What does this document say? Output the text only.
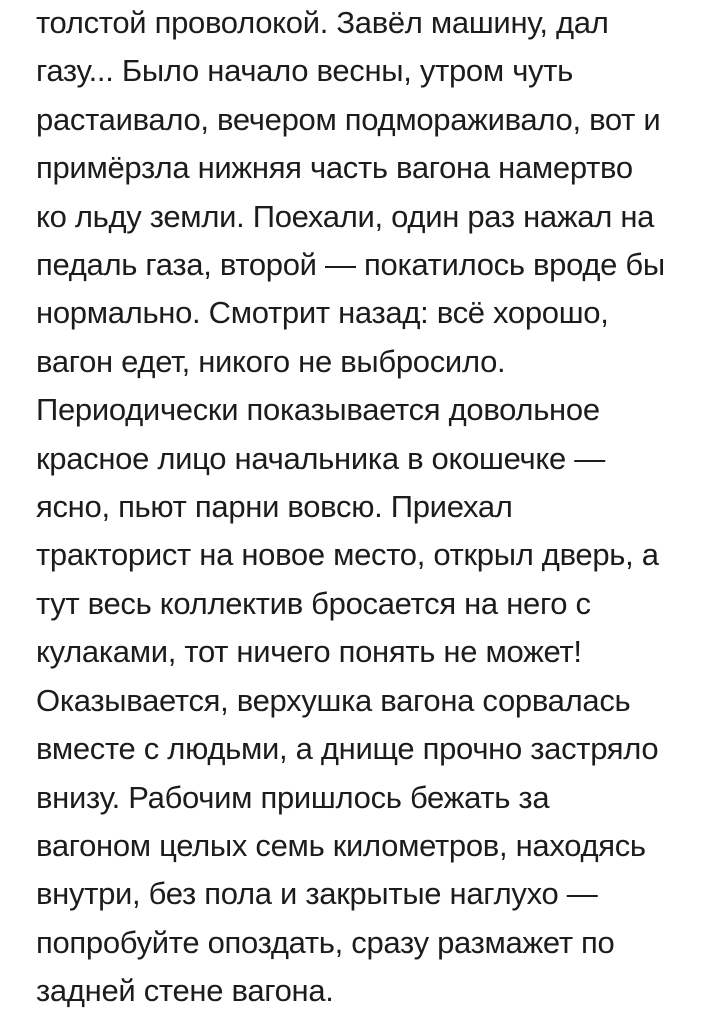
толстой проволокой. Завёл машину, дал
газу... Было начало весны, утром чуть
растаивало, вечером подмораживало, вот и
примёрзла нижняя часть вагона намертво
ко льду земли. Поехали, один раз нажал на
педаль газа, второй — покатилось вроде бы
нормально. Смотрит назад: всё хорошо,
вагон едет, никого не выбросило.
Периодически показывается довольное
красное лицо начальника в окошечке —
ясно, пьют парни вовсю. Приехал
тракторист на новое место, открыл дверь, а
тут весь коллектив бросается на него с
кулаками, тот ничего понять не может!
Оказывается, верхушка вагона сорвалась
вместе с людьми, а днище прочно застряло
внизу. Рабочим пришлось бежать за
вагоном целых семь километров, находясь
внутри, без пола и закрытые наглухо —
попробуйте опоздать, сразу размажет по
задней стене вагона.
